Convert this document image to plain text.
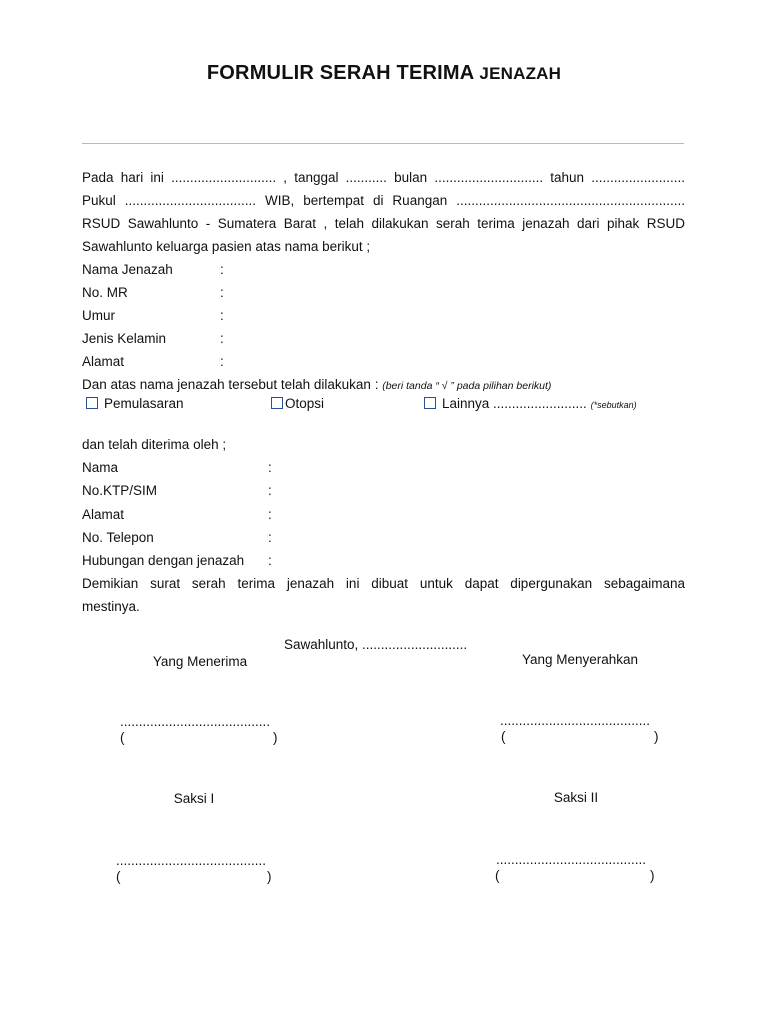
FORMULIR SERAH TERIMA JENAZAH
Pada hari ini ............................ , tanggal ........... bulan ............................. tahun .........................
Pukul ................................... WIB, bertempat di Ruangan .............................................................
RSUD Sawahlunto - Sumatera Barat , telah dilakukan serah terima jenazah dari pihak RSUD
Sawahlunto keluarga pasien atas nama berikut ;
Nama Jenazah	:
No. MR	:
Umur	:
Jenis Kelamin	:
Alamat	:
Dan atas nama jenazah tersebut telah dilakukan : (beri tanda “ √ ” pada pilihan berikut)
Pemulasaran	Otopsi	Lainnya ......................... (*sebutkan)
dan telah diterima oleh ;
Nama	:
No.KTP/SIM	:
Alamat	:
No. Telepon	:
Hubungan dengan jenazah :
Demikian surat serah terima jenazah ini dibuat untuk dapat dipergunakan sebagaimana
mestinya.
Sawahlunto, ............................
Yang Menerima
........................................
(	)
Yang Menyerahkan
........................................
(	)
Saksi I
........................................
(	)
Saksi II
........................................
(	)
